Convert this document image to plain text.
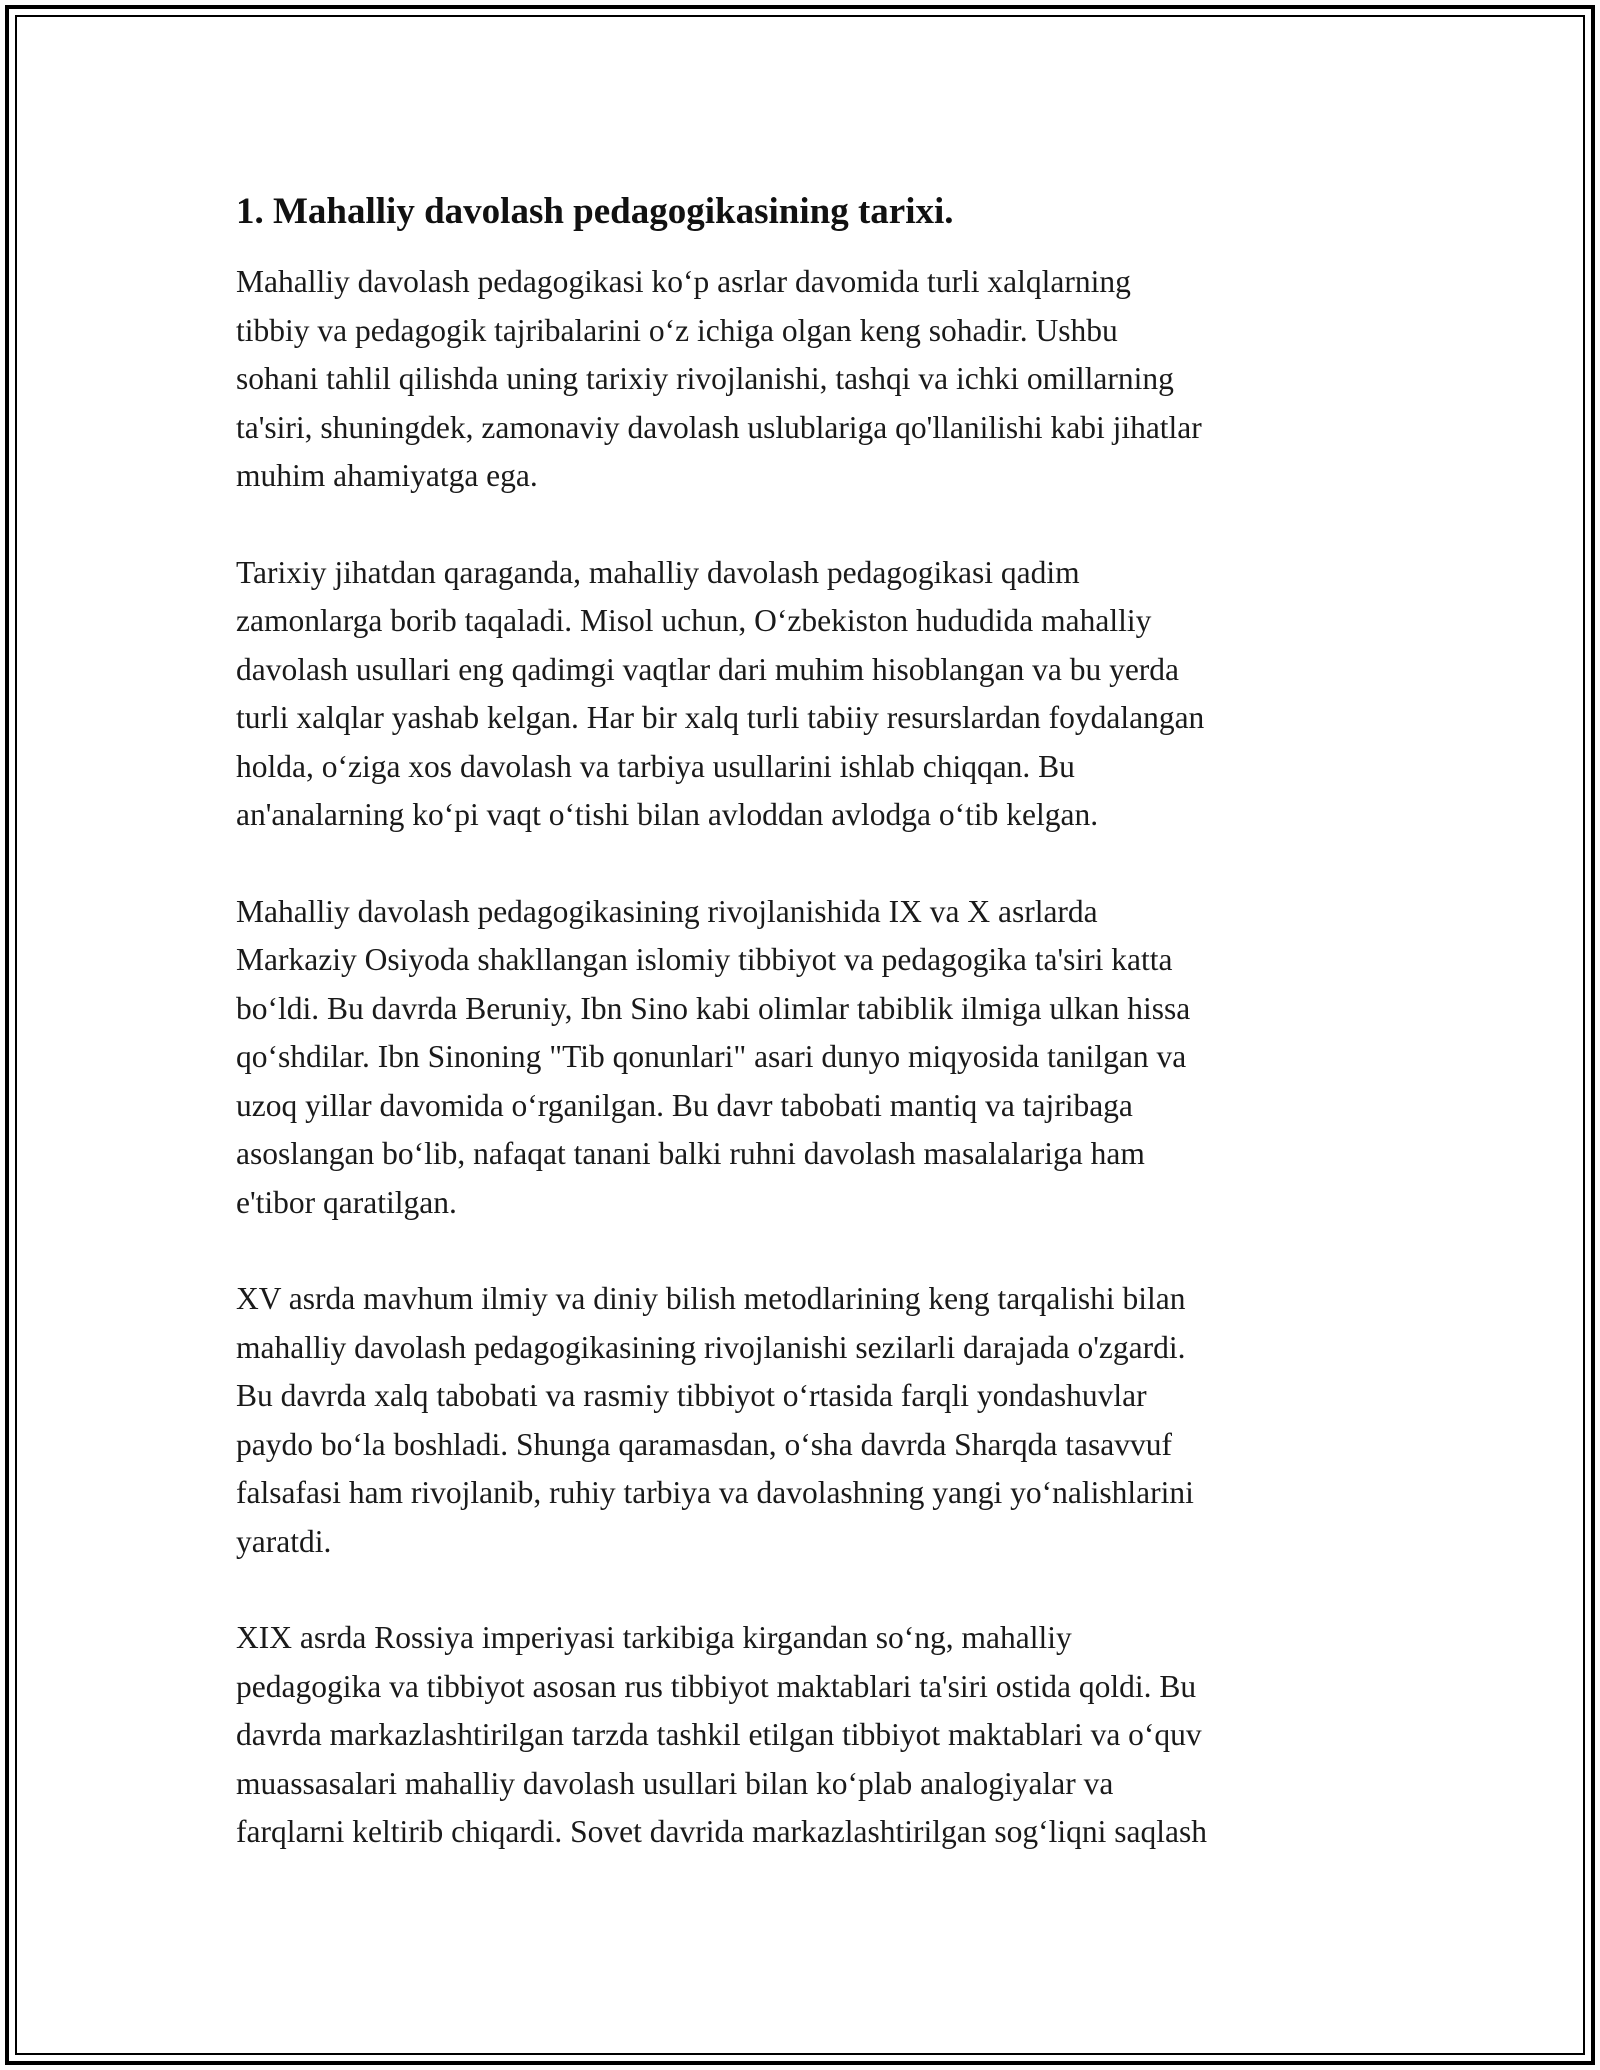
1. Mahalliy davolash pedagogikasining tarixi.
Mahalliy davolash pedagogikasi ko‘p asrlar davomida turli xalqlarning
tibbiy va pedagogik tajribalarini o‘z ichiga olgan keng sohadir. Ushbu
sohani tahlil qilishda uning tarixiy rivojlanishi, tashqi va ichki omillarning
ta'siri, shuningdek, zamonaviy davolash uslublariga qo'llanilishi kabi jihatlar
muhim ahamiyatga ega.
Tarixiy jihatdan qaraganda, mahalliy davolash pedagogikasi qadim
zamonlarga borib taqaladi. Misol uchun, O‘zbekiston hududida mahalliy
davolash usullari eng qadimgi vaqtlar dari muhim hisoblangan va bu yerda
turli xalqlar yashab kelgan. Har bir xalq turli tabiiy resurslardan foydalangan
holda, o‘ziga xos davolash va tarbiya usullarini ishlab chiqqan. Bu
an'analarning ko‘pi vaqt o‘tishi bilan avloddan avlodga o‘tib kelgan.
Mahalliy davolash pedagogikasining rivojlanishida IX va X asrlarda
Markaziy Osiyoda shakllangan islomiy tibbiyot va pedagogika ta'siri katta
bo‘ldi. Bu davrda Beruniy, Ibn Sino kabi olimlar tabiblik ilmiga ulkan hissa
qo‘shdilar. Ibn Sinoning "Tib qonunlari" asari dunyo miqyosida tanilgan va
uzoq yillar davomida o‘rganilgan. Bu davr tabobati mantiq va tajribaga
asoslangan bo‘lib, nafaqat tanani balki ruhni davolash masalalariga ham
e'tibor qaratilgan.
XV asrda mavhum ilmiy va diniy bilish metodlarining keng tarqalishi bilan
mahalliy davolash pedagogikasining rivojlanishi sezilarli darajada o'zgardi.
Bu davrda xalq tabobati va rasmiy tibbiyot o‘rtasida farqli yondashuvlar
paydo bo‘la boshladi. Shunga qaramasdan, o‘sha davrda Sharqda tasavvuf
falsafasi ham rivojlanib, ruhiy tarbiya va davolashning yangi yo‘nalishlarini
yaratdi.
XIX asrda Rossiya imperiyasi tarkibiga kirgandan so‘ng, mahalliy
pedagogika va tibbiyot asosan rus tibbiyot maktablari ta'siri ostida qoldi. Bu
davrda markazlashtirilgan tarzda tashkil etilgan tibbiyot maktablari va o‘quv
muassasalari mahalliy davolash usullari bilan ko‘plab analogiyalar va
farqlarni keltirib chiqardi. Sovet davrida markazlashtirilgan sog‘liqni saqlash
